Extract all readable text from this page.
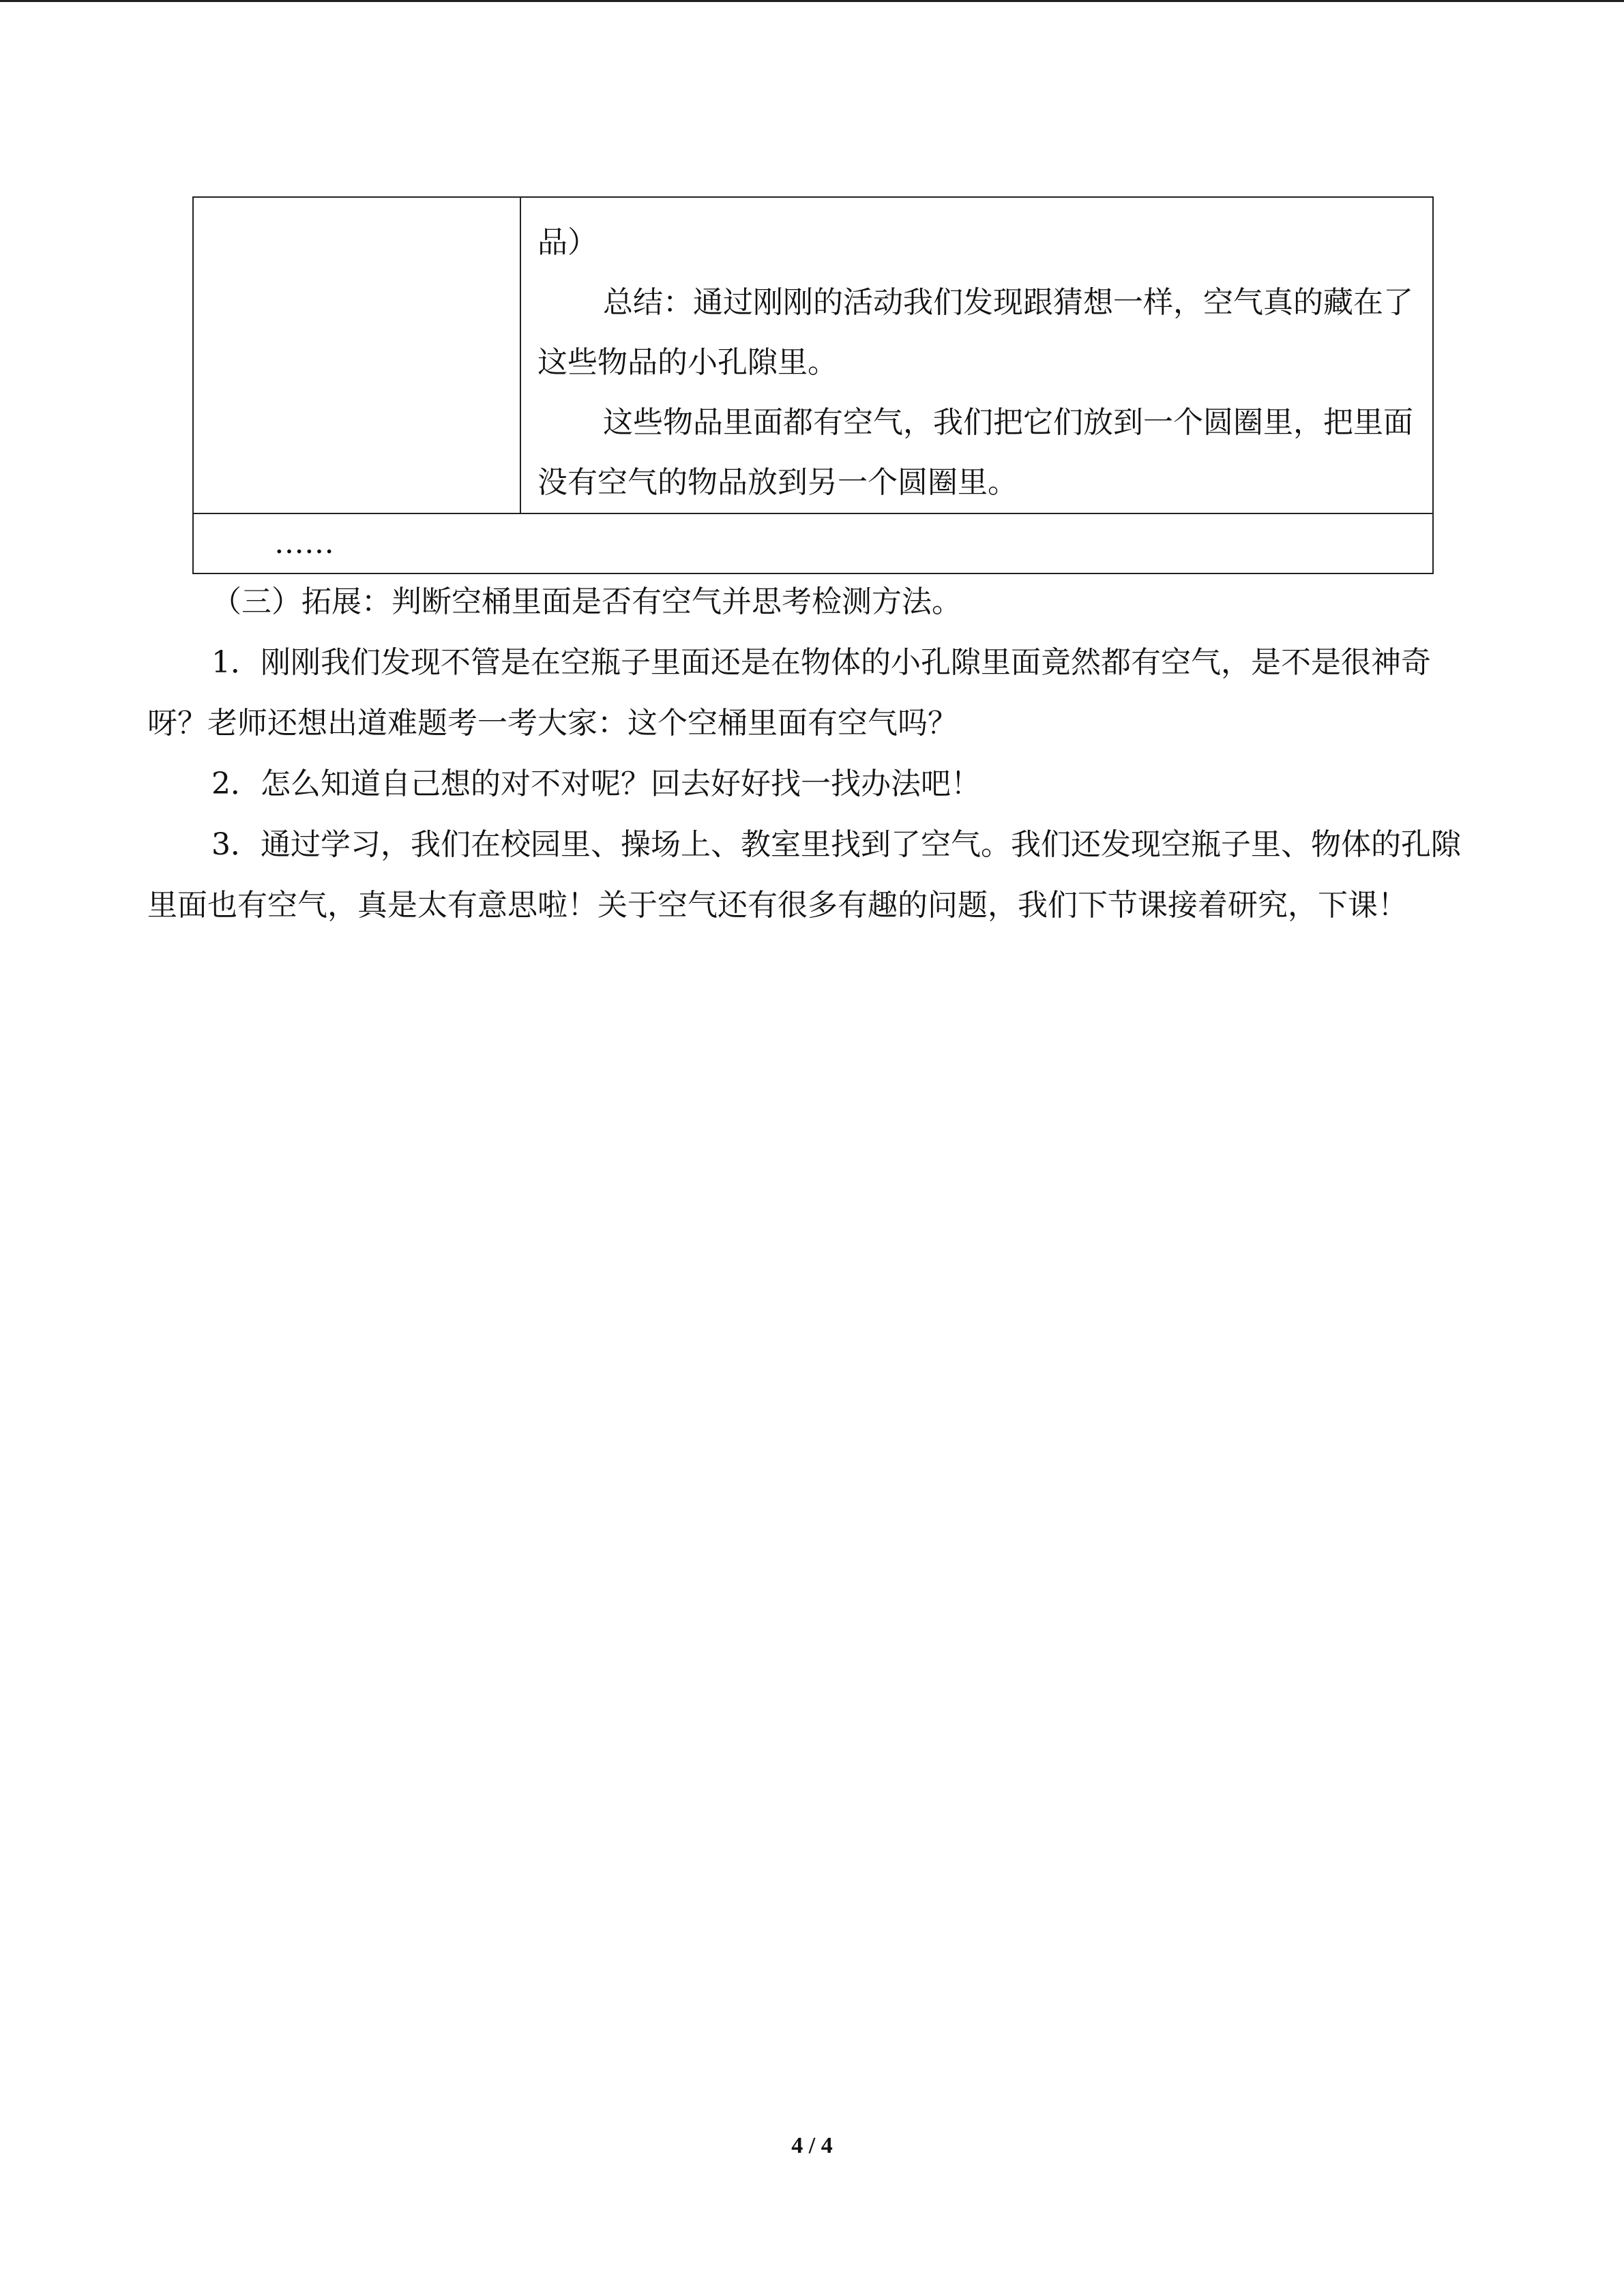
品）

总结：通过刚刚的活动我们发现跟猜想一样，空气真的藏在了这些物品的小孔隙里。

这些物品里面都有空气，我们把它们放到一个圆圈里，把里面没有空气的物品放到另一个圆圈里。

……

（三）拓展：判断空桶里面是否有空气并思考检测方法。

1．刚刚我们发现不管是在空瓶子里面还是在物体的小孔隙里面竟然都有空气，是不是很神奇呀？老师还想出道难题考一考大家：这个空桶里面有空气吗？

2．怎么知道自己想的对不对呢？回去好好找一找办法吧！

3．通过学习，我们在校园里、操场上、教室里找到了空气。我们还发现空瓶子里、物体的孔隙里面也有空气，真是太有意思啦！关于空气还有很多有趣的问题，我们下节课接着研究，下课！

4 / 4
